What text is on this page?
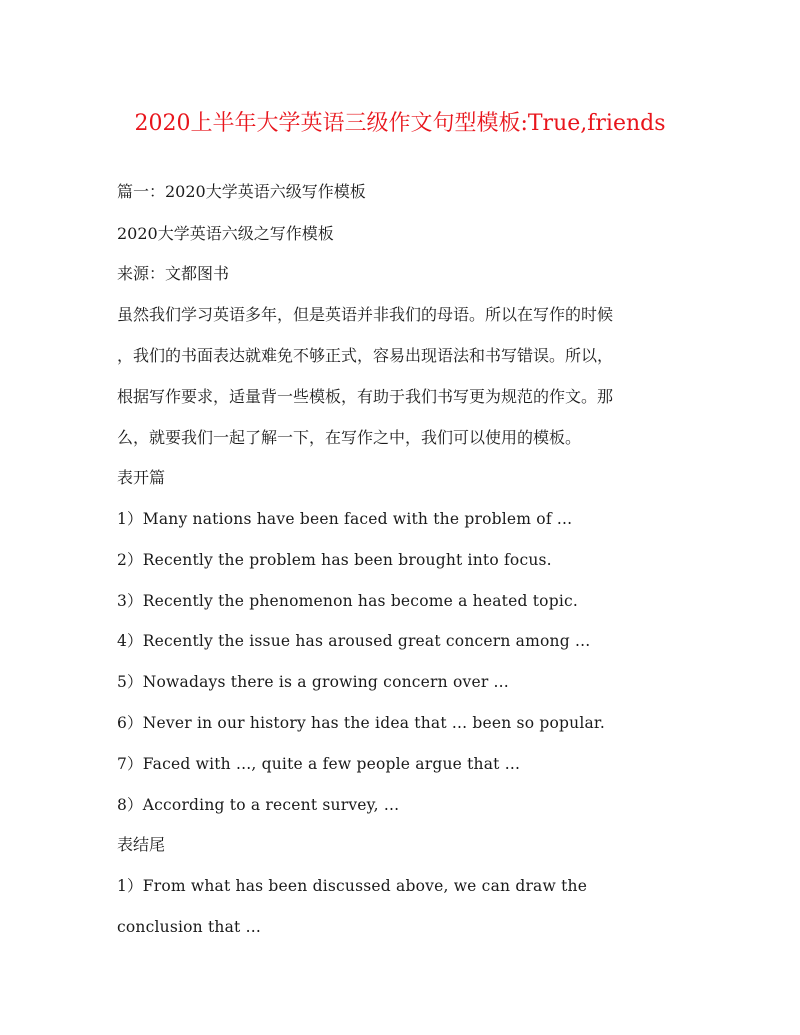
2020上半年大学英语三级作文句型模板:True,friends
篇一：2020大学英语六级写作模板
2020大学英语六级之写作模板
来源：文都图书
虽然我们学习英语多年，但是英语并非我们的母语。所以在写作的时候
，我们的书面表达就难免不够正式，容易出现语法和书写错误。所以，
根据写作要求，适量背一些模板，有助于我们书写更为规范的作文。那
么，就要我们一起了解一下，在写作之中，我们可以使用的模板。
表开篇
1）Many nations have been faced with the problem of ...
2）Recently the problem has been brought into focus.
3）Recently the phenomenon has become a heated topic.
4）Recently the issue has aroused great concern among ...
5）Nowadays there is a growing concern over ...
6）Never in our history has the idea that ... been so popular.
7）Faced with ..., quite a few people argue that ...
8）According to a recent survey, ...
表结尾
1）From what has been discussed above, we can draw the
conclusion that ...
